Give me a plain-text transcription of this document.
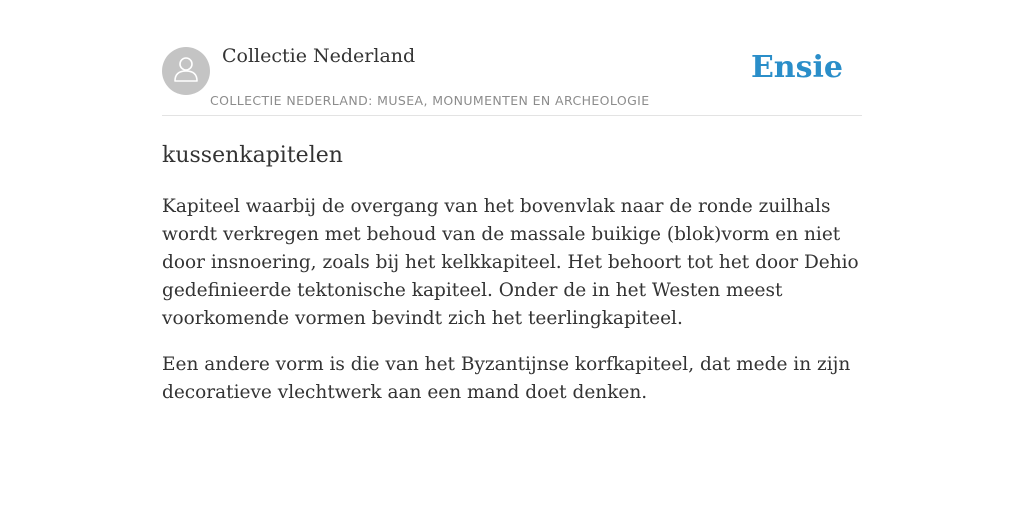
Collectie Nederland
COLLECTIE NEDERLAND: MUSEA, MONUMENTEN EN ARCHEOLOGIE
Ensie
kussenkapitelen

Kapiteel waarbij de overgang van het bovenvlak naar de ronde zuilhals wordt verkregen met behoud van de massale buikige (blok)vorm en niet door insnoering, zoals bij het kelkkapiteel. Het behoort tot het door Dehio gedefinieerde tektonische kapiteel. Onder de in het Westen meest voorkomende vormen bevindt zich het teerlingkapiteel.

Een andere vorm is die van het Byzantijnse korfkapiteel, dat mede in zijn decoratieve vlechtwerk aan een mand doet denken.
